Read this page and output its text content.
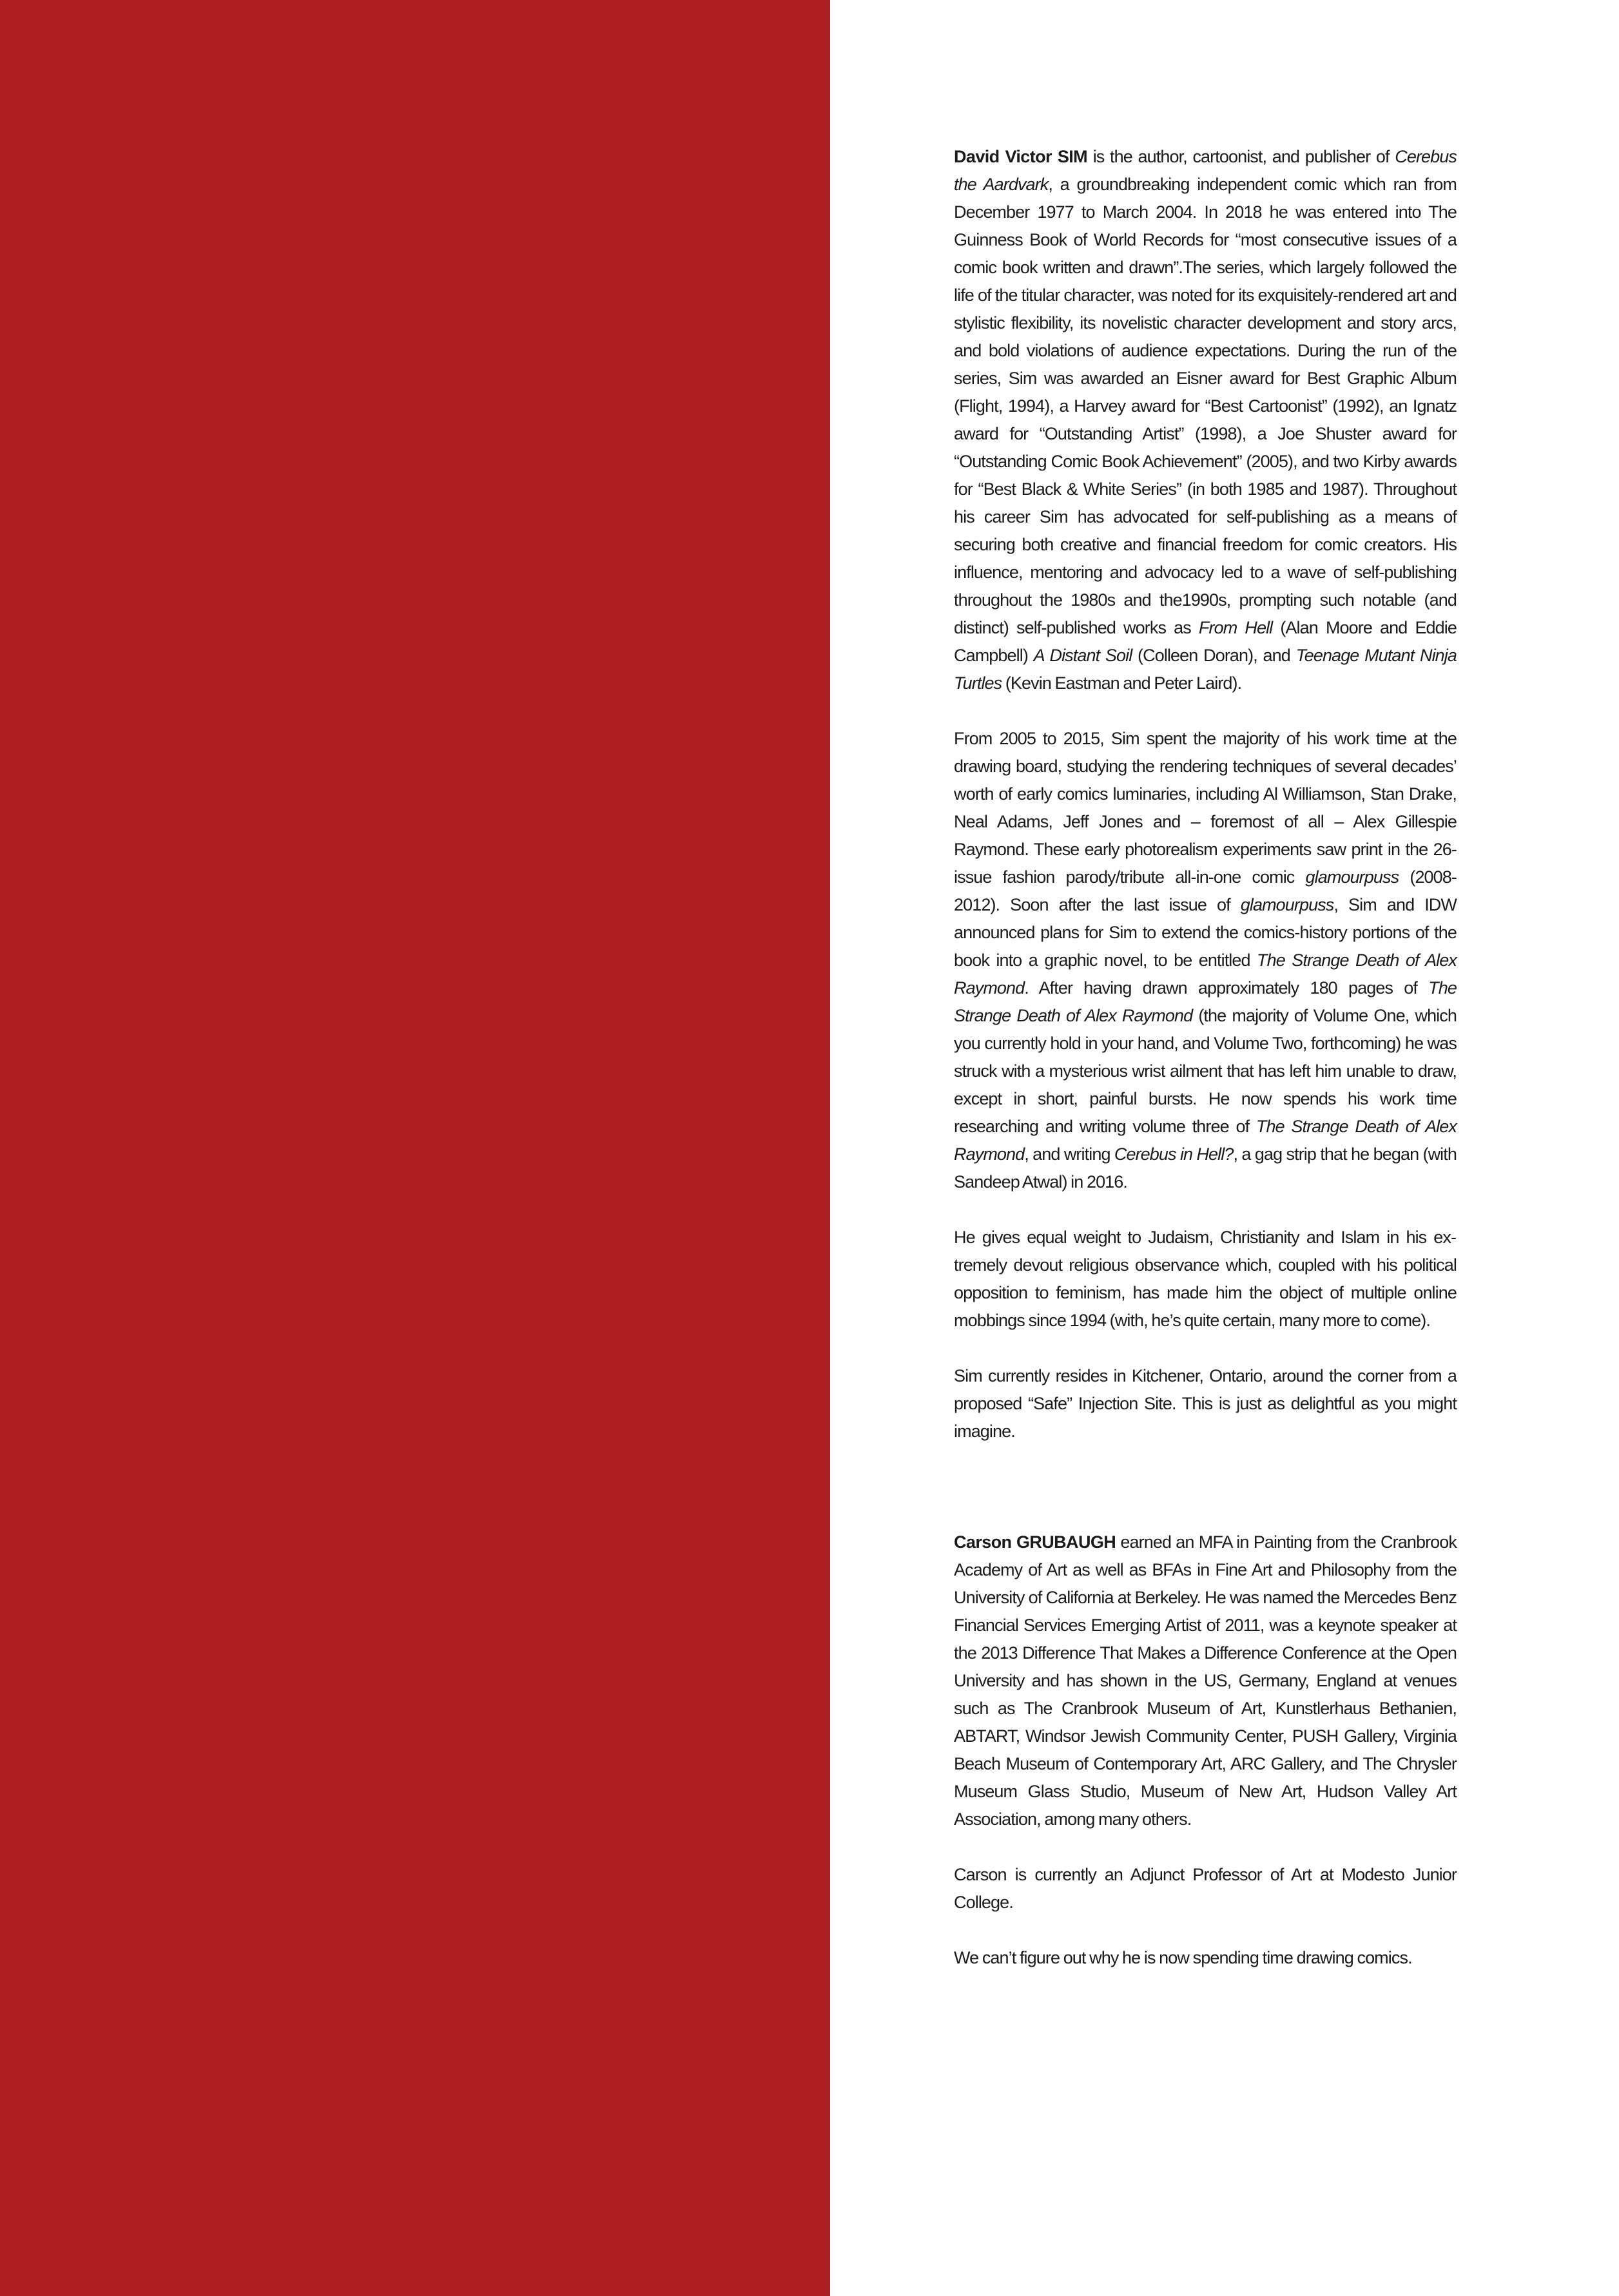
David Victor SIM is the author, cartoonist, and publisher of Cerebus the Aardvark, a groundbreaking independent comic which ran from December 1977 to March 2004. In 2018 he was entered into The Guinness Book of World Records for “most consecutive issues of a comic book written and drawn”.The series, which largely followed the life of the titular character, was noted for its exquisitely-rendered art and stylistic flexibility, its novelistic character development and story arcs, and bold violations of audience expectations. During the run of the series, Sim was awarded an Eisner award for Best Graphic Album (Flight, 1994), a Harvey award for “Best Cartoonist” (1992), an Ignatz award for “Outstanding Artist” (1998), a Joe Shuster award for “Outstanding Comic Book Achievement” (2005), and two Kirby awards for “Best Black & White Series” (in both 1985 and 1987). Throughout his career Sim has advocated for self-publishing as a means of securing both creative and financial freedom for comic creators. His influence, mentoring and advocacy led to a wave of self-publishing throughout the 1980s and the1990s, prompting such notable (and distinct) self-published works as From Hell (Alan Moore and Eddie Campbell) A Distant Soil (Colleen Doran), and Teenage Mutant Ninja Turtles (Kevin Eastman and Peter Laird).

From 2005 to 2015, Sim spent the majority of his work time at the drawing board, studying the rendering techniques of several decades’ worth of early comics luminaries, including Al Williamson, Stan Drake, Neal Adams, Jeff Jones and – foremost of all – Alex Gillespie Raymond. These early photorealism experiments saw print in the 26-issue fashion parody/tribute all-in-one comic glamourpuss (2008-2012). Soon after the last issue of glamourpuss, Sim and IDW announced plans for Sim to extend the comics-history portions of the book into a graphic novel, to be entitled The Strange Death of Alex Raymond. After having drawn approximately 180 pages of The Strange Death of Alex Raymond (the majority of Volume One, which you currently hold in your hand, and Volume Two, forthcoming) he was struck with a mysterious wrist ailment that has left him unable to draw, except in short, painful bursts. He now spends his work time researching and writing volume three of The Strange Death of Alex Raymond, and writing Cerebus in Hell?, a gag strip that he began (with Sandeep Atwal) in 2016.

He gives equal weight to Judaism, Christianity and Islam in his extremely devout religious observance which, coupled with his political opposition to feminism, has made him the object of multiple online mobbings since 1994 (with, he’s quite certain, many more to come).

Sim currently resides in Kitchener, Ontario, around the corner from a proposed “Safe” Injection Site. This is just as delightful as you might imagine.

Carson GRUBAUGH earned an MFA in Painting from the Cranbrook Academy of Art as well as BFAs in Fine Art and Philosophy from the University of California at Berkeley. He was named the Mercedes Benz Financial Services Emerging Artist of 2011, was a keynote speaker at the 2013 Difference That Makes a Difference Conference at the Open University and has shown in the US, Germany, England at venues such as The Cranbrook Museum of Art, Kunstlerhaus Bethanien, ABTART, Windsor Jewish Community Center, PUSH Gallery, Virginia Beach Museum of Contemporary Art, ARC Gallery, and The Chrysler Museum Glass Studio, Museum of New Art, Hudson Valley Art Association, among many others.

Carson is currently an Adjunct Professor of Art at Modesto Junior College.

We can’t figure out why he is now spending time drawing comics.
